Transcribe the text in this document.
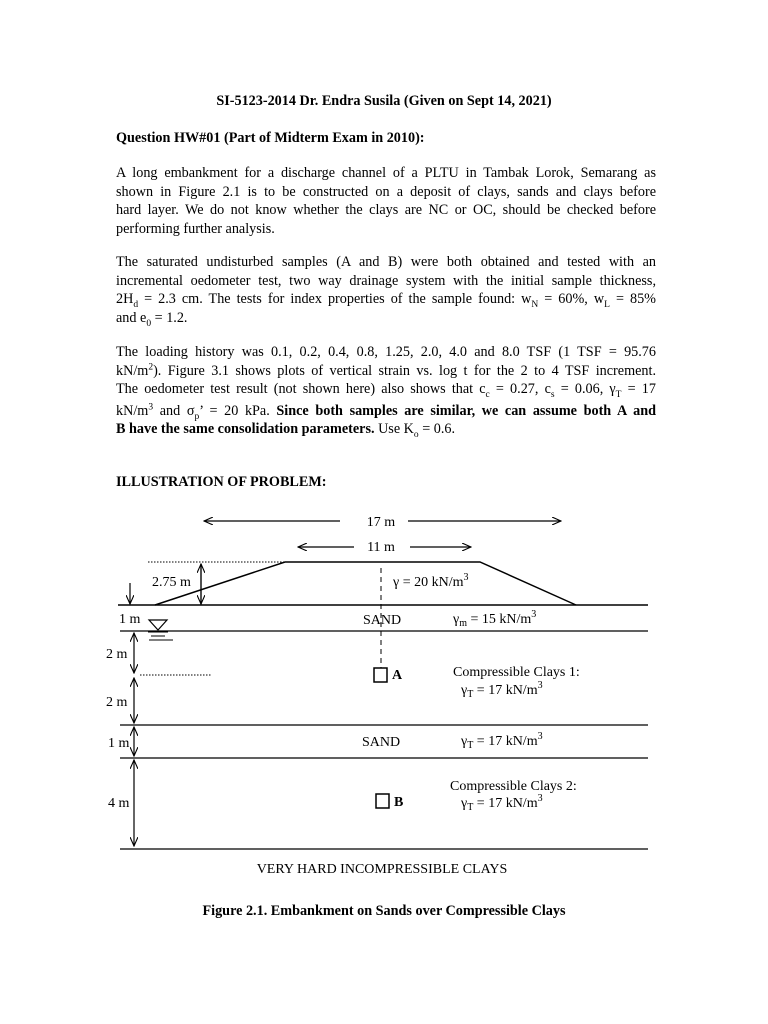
SI-5123-2014 Dr. Endra Susila (Given on Sept 14, 2021)
Question HW#01 (Part of Midterm Exam in 2010):
A long embankment for a discharge channel of a PLTU in Tambak Lorok, Semarang as
shown in Figure 2.1 is to be constructed on a deposit of clays, sands and clays before
hard layer. We do not know whether the clays are NC or OC, should be checked before
performing further analysis.
The saturated undisturbed samples (A and B) were both obtained and tested with an
incremental oedometer test, two way drainage system with the initial sample thickness,
$2H_d = 2.3$ cm. The tests for index properties of the sample found: $w_N = 60\%$, $w_L = 85\%$
and $e_0 = 1.2$.
The loading history was 0.1, 0.2, 0.4, 0.8, 1.25, 2.0, 4.0 and 8.0 TSF (1 TSF = 95.76
$kN/m^2$). Figure 3.1 shows plots of vertical strain vs. log t for the 2 to 4 TSF increment.
The oedometer test result (not shown here) also shows that $c_c = 0.27$, $c_s = 0.06$, $\gamma_T = 17$
$kN/m^3$ and $\sigma_p$’ = 20 kPa. Since both samples are similar, we can assume both A and
B have the same consolidation parameters. Use $K_o = 0.6$.
ILLUSTRATION OF PROBLEM:
17 m
11 m
2.75 m	γ = 20 $kN/m^3$
1 m	SAND	$\gamma_m = 15$ $kN/m^3$
2 m
A	Compressible Clays 1:
$\gamma_T = 17$ $kN/m^3$
2 m
1 m	SAND	$\gamma_T = 17$ $kN/m^3$
4 m	B
Compressible Clays 2:
$\gamma_T = 17$ $kN/m^3$
VERY HARD INCOMPRESSIBLE CLAYS
Figure 2.1. Embankment on Sands over Compressible Clays
